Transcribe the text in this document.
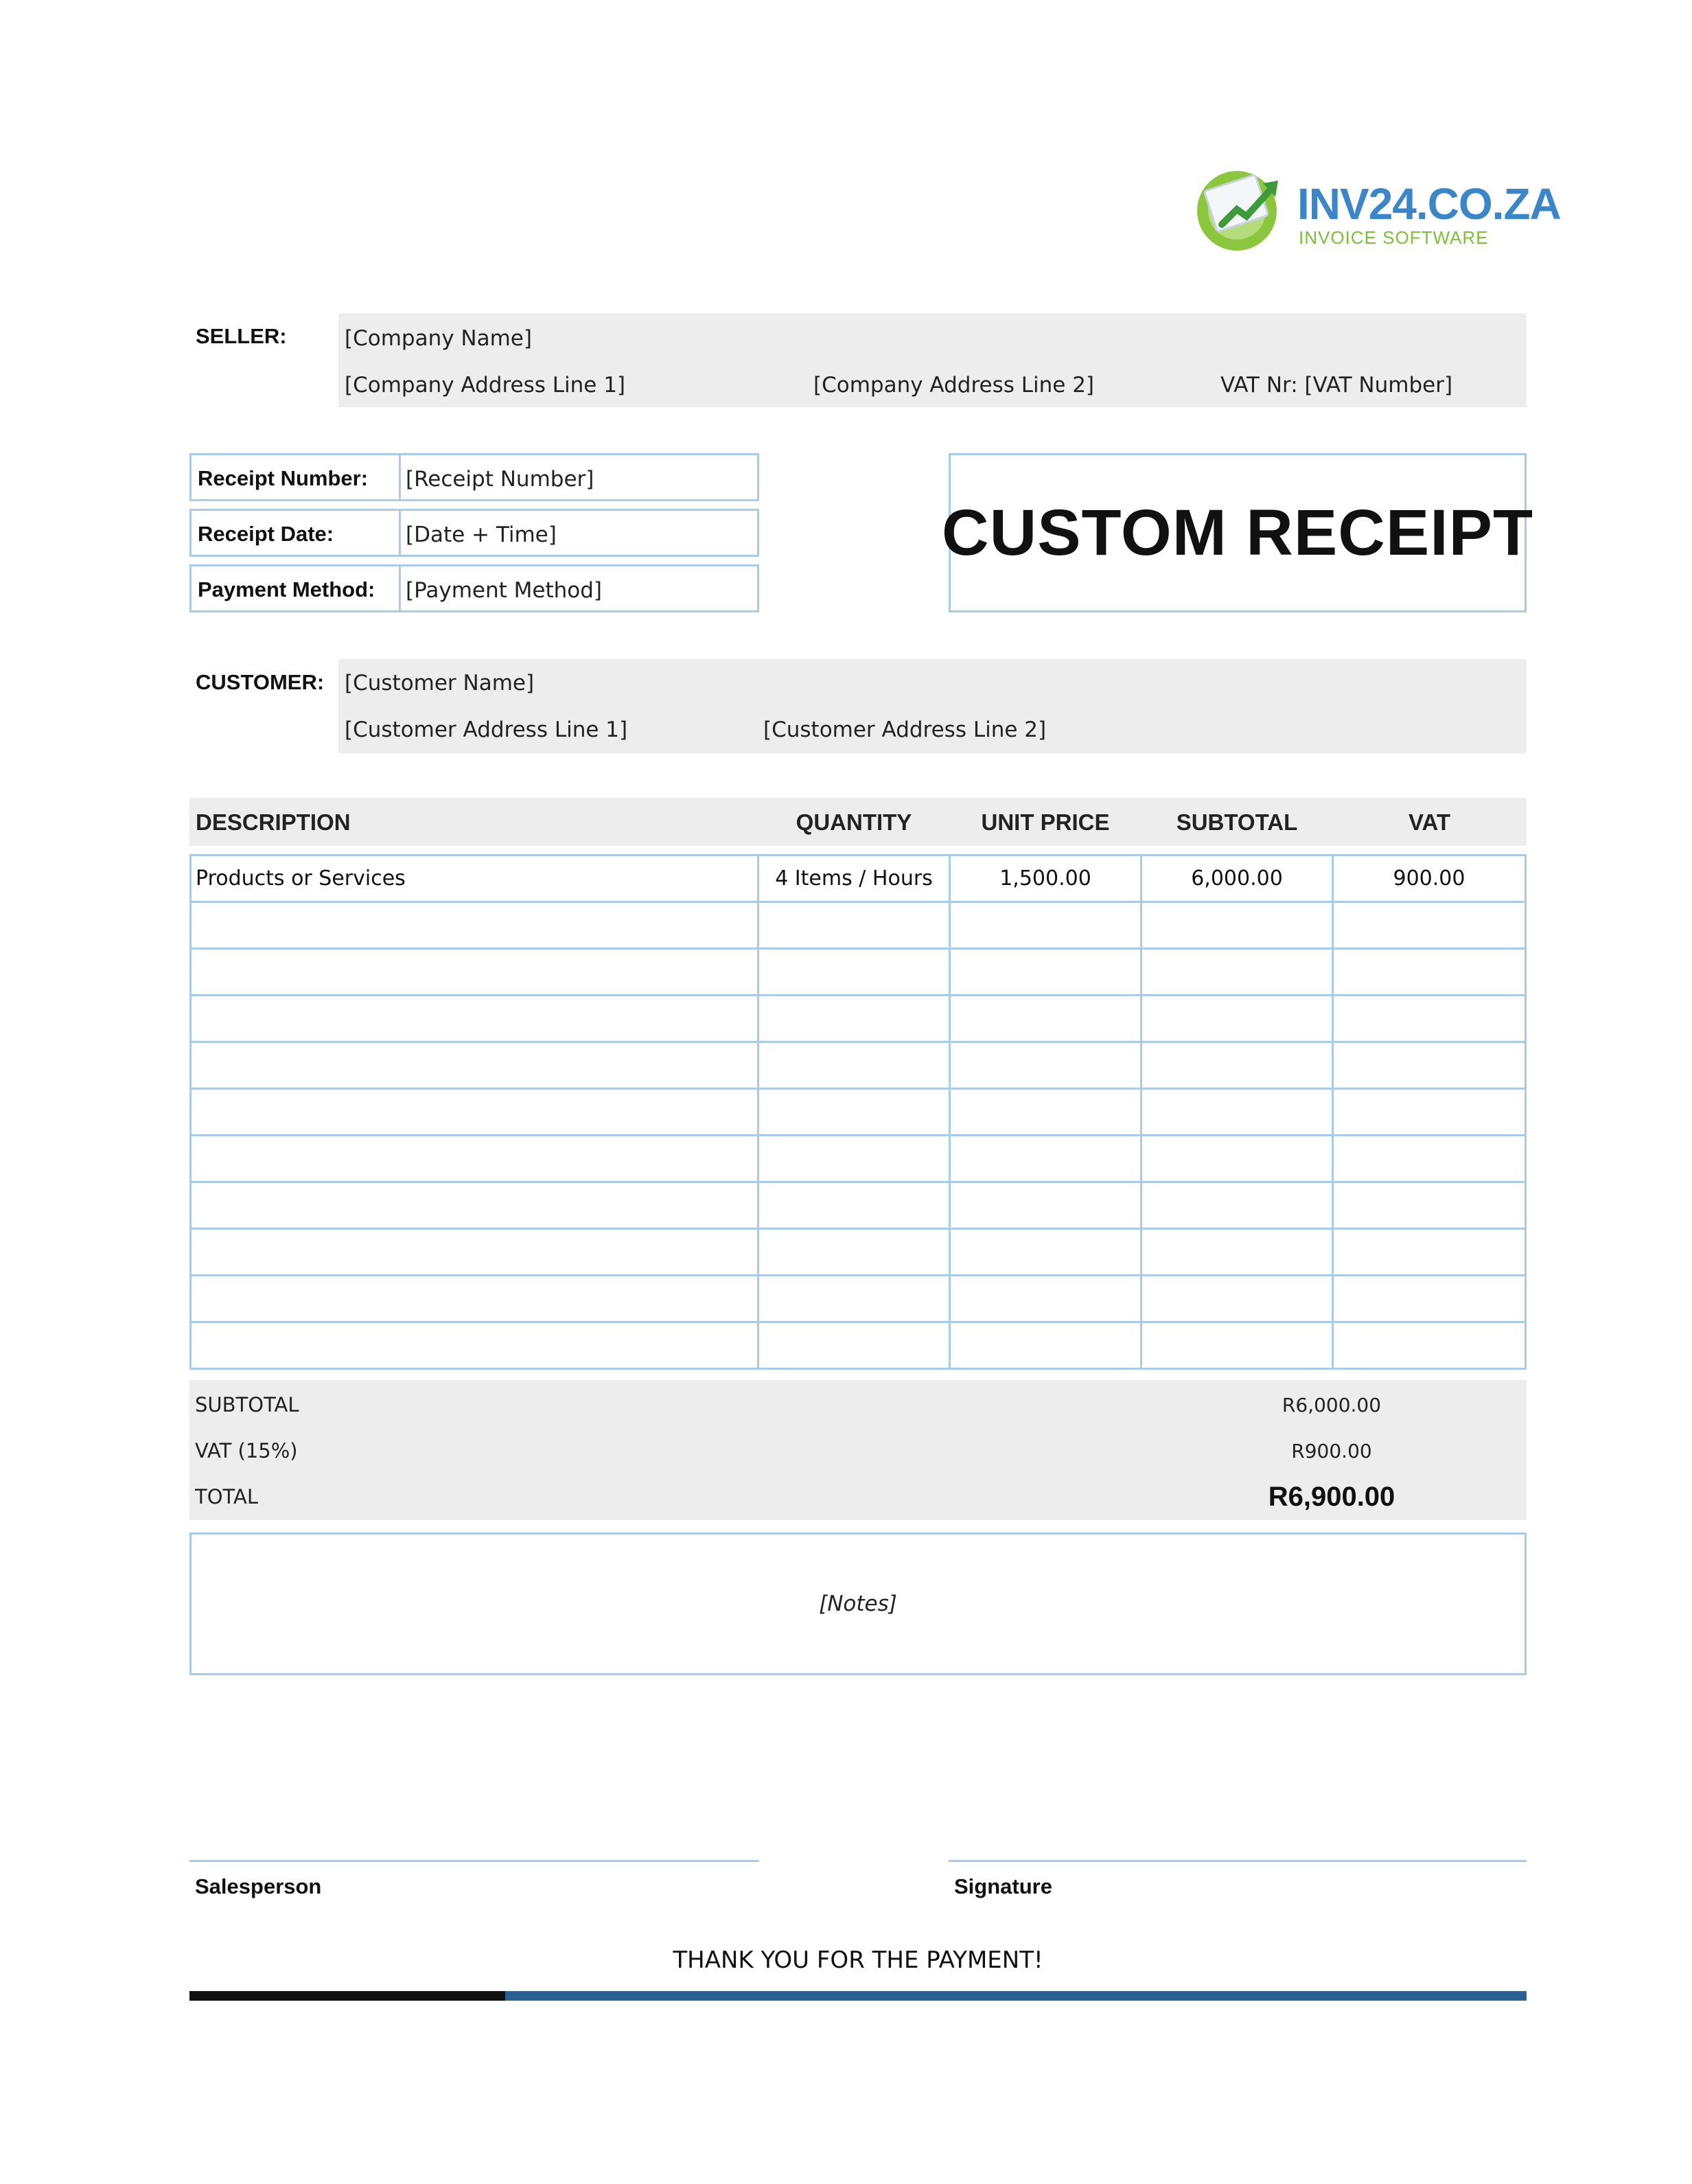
INV24.CO.ZA
INVOICE SOFTWARE
SELLER:	[Company Name]
[Company Address Line 1]	[Company Address Line 2]	VAT Nr: [VAT Number]
Receipt Number: [Receipt Number]
Receipt Date:	[Date + Time]
Payment Method: [Payment Method]
CUSTOM RECEIPT
CUSTOMER: [Customer Name]
[Customer Address Line 1]	[Customer Address Line 2]
DESCRIPTION	QUANTITY	UNIT PRICE	SUBTOTAL	VAT
Products or Services	4 Items / Hours	1,500.00	6,000.00	900.00
SUBTOTAL	R6,000.00
VAT (15%)	R900.00
TOTAL	R6,900.00
[Notes]
Salesperson	Signature
THANK YOU FOR THE PAYMENT!
